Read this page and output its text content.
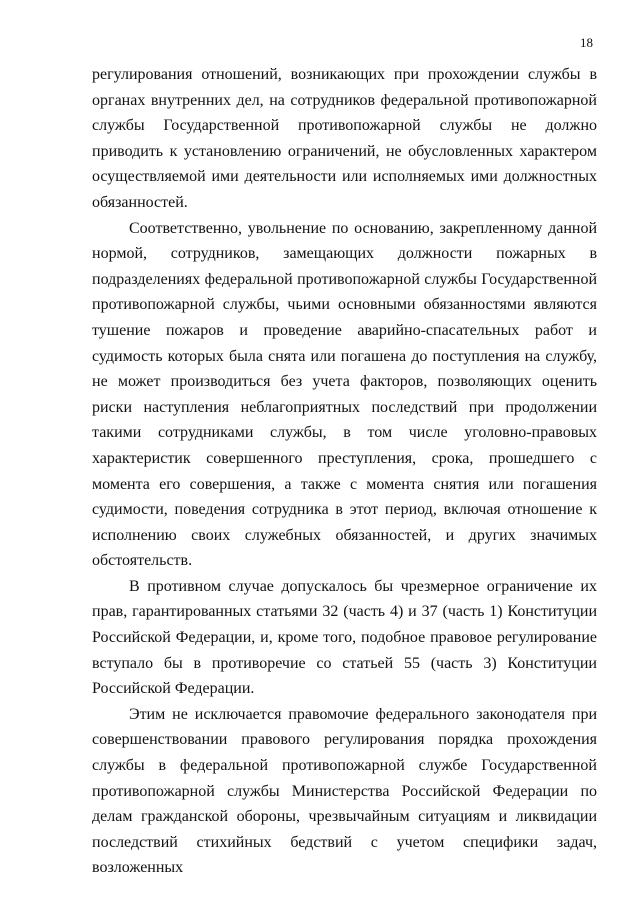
18

регулирования отношений, возникающих при прохождении службы в органах внутренних дел, на сотрудников федеральной противопожарной службы Государственной противопожарной службы не должно приводить к установлению ограничений, не обусловленных характером осуществляемой ими деятельности или исполняемых ими должностных обязанностей.

Соответственно, увольнение по основанию, закрепленному данной нормой, сотрудников, замещающих должности пожарных в подразделениях федеральной противопожарной службы Государственной противопожарной службы, чьими основными обязанностями являются тушение пожаров и проведение аварийно-спасательных работ и судимость которых была снята или погашена до поступления на службу, не может производиться без учета факторов, позволяющих оценить риски наступления неблагоприятных последствий при продолжении такими сотрудниками службы, в том числе уголовно-правовых характеристик совершенного преступления, срока, прошедшего с момента его совершения, а также с момента снятия или погашения судимости, поведения сотрудника в этот период, включая отношение к исполнению своих служебных обязанностей, и других значимых обстоятельств.

В противном случае допускалось бы чрезмерное ограничение их прав, гарантированных статьями 32 (часть 4) и 37 (часть 1) Конституции Российской Федерации, и, кроме того, подобное правовое регулирование вступало бы в противоречие со статьей 55 (часть 3) Конституции Российской Федерации.

Этим не исключается правомочие федерального законодателя при совершенствовании правового регулирования порядка прохождения службы в федеральной противопожарной службе Государственной противопожарной службы Министерства Российской Федерации по делам гражданской обороны, чрезвычайным ситуациям и ликвидации последствий стихийных бедствий с учетом специфики задач, возложенных
